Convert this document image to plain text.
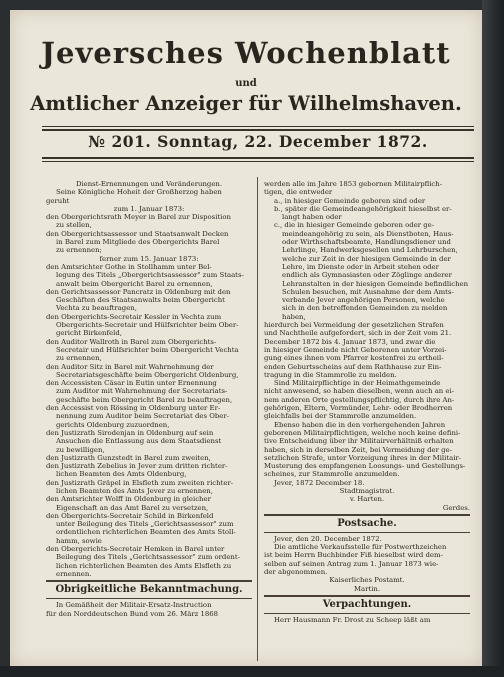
Jeversches Wochenblatt
und
Amtlicher Anzeiger für Wilhelmshaven.
№ 201. Sonntag, 22. December 1872.
Dienst-Ernennungen und Veränderungen.
Seine Königliche Hoheit der Großherzog haben
geruht
zum 1. Januar 1873:
den Obergerichtsrath Meyer in Barel zur Disposition
zu stellen,
den Obergerichtsassessor und Staatsanwalt Decken
in Barel zum Mitgliede des Obergerichts Barel
zu ernennen;
ferner zum 15. Januar 1873:
den Amtsrichter Gothe in Stollhamm unter Bel-
legung des Titels „Obergerichtsassessor" zum Staats-
anwalt beim Obergericht Barel zu ernennen,
den Gerichtsassessor Pancratz in Oldenburg mit den
Geschäften des Staatsanwalts beim Obergericht
Vechta zu beauftragen,
den Obergerichts-Secretair Kessler in Vechta zum
Obergerichts-Secretair und Hülfsrichter beim Ober-
gericht Birkenfeld,
den Auditor Wallroth in Barel zum Obergerichts-
Secretair und Hülfsrichter beim Obergericht Vechta
zu ernennen,
den Auditor Sitz in Barel mit Wahrnehmung der
Secretariatsgeschäfte beim Obergericht Oldenburg,
den Accessisten Cäsar in Eutin unter Ernennung
zum Auditor mit Wahrnehmung der Secretariats-
geschäfte beim Obergericht Barel zu beauftragen,
den Accessist von Rössing in Oldenburg unter Er-
nennung zum Auditor beim Secretariat des Ober-
gerichts Oldenburg zuzuordnen,
den Justizrath Sirodenjan in Oldenburg auf sein
Ansuchen die Entlassung aus dem Staatsdienst
zu bewilligen,
den Justizrath Gunzstedt in Barel zum zweiten,
den Justizrath Zebelius in Jever zum dritten richter-
lichen Beamten des Amts Oldenburg,
den Justizrath Gräpel in Elsfleth zum zweiten richter-
lichen Beamten des Amts Jever zu ernennen,
den Amtsrichter Wolff in Oldenburg in gleicher
Eigenschaft an das Amt Barel zu versetzen,
den Obergerichts-Secretair Schild in Birkenfeld
unter Beilegung des Titels „Gerichtsassessor" zum
ordentlichen richterlichen Beamten des Amts Stoll-
hamm, sowie
den Obergerichts-Secretair Hemken in Barel unter
Beilegung des Titels „Gerichtsassessor" zum ordent-
lichen richterlichen Beamten des Amts Elsfleth zu
ernennen.
Obrigkeitliche Bekanntmachung.
In Gemäßheit der Militair-Ersatz-Instruction
für den Norddeutschen Bund vom 26. März 1868
werden alle im Jahre 1853 gebornen Militairpflich-
tigen, die entweder
a., in hiesiger Gemeinde geboren sind oder
b., später die Gemeindeangehörigkeit hieselbst er-
langt haben oder
c., die in hiesiger Gemeinde geboren oder ge-
meindeangehörig zu sein, als Dienstboten, Haus-
oder Wirthschaftsbeamte, Handlungsdiener und
Lehrlinge, Handwerksgesellen und Lehrburschen,
welche zur Zeit in der hiesigen Gemeinde in der
Lehre, im Dienste oder in Arbeit stehen oder
endlich als Gymnasiasten oder Zöglinge anderer
Lehranstalten in der hiesigen Gemeinde befindlichen
Schulen besuchen, mit Ausnahme der dem Amts-
verbande Jever angehörigen Personen, welche
sich in den betreffenden Gemeinden zu melden
haben,
hierdurch bei Vermeidung der gesetzlichen Strafen
und Nachtheile aufgefordert, sich in der Zeit vom 21.
December 1872 bis 4. Januar 1873, und zwar die
in hiesiger Gemeinde nicht Geborenen unter Vorzei-
gung eines ihnen vom Pfarrer kostenfrei zu ertheil-
enden Geburtsscheins auf dem Rathhause zur Ein-
tragung in die Stammrolle zu melden.
Sind Militairpflichtige in der Heimathgemeinde
nicht anwesend, so haben dieselben, wenn auch an ei-
nem anderen Orte gestellungspflichtig, durch ihre An-
gehörigen, Eltern, Vormünder, Lehr- oder Brodherren
gleichfalls bei der Stammrolle anzumelden.
Ebenso haben die in den vorhergehenden Jahren
geborenen Militairpflichtigen, welche noch keine defini-
tive Entscheidung über ihr Militairverhältniß erhalten
haben, sich in derselben Zeit, bei Vermeidung der ge-
setzlichen Strafe, unter Vorzeigung ihres in der Militair-
Musterung des empfangenen Loosungs- und Gestellungs-
scheines, zur Stammrolle anzumelden.
Jever, 1872 December 18.
Stadtmagistrat.
v. Harten.
Gerdes.
Postsache.
Jever, den 20. December 1872.
Die amtliche Verkaufsstelle für Postwerthzeichen
ist beim Herrn Buchbinder Fiß hieselbst wird dem-
selben auf seinen Antrag zum 1. Januar 1873 wie-
der abgenommen.
Kaiserliches Postamt.
Martin.
Verpachtungen.
Herr Hausmann Fr. Drost zu Scheep läßt am
